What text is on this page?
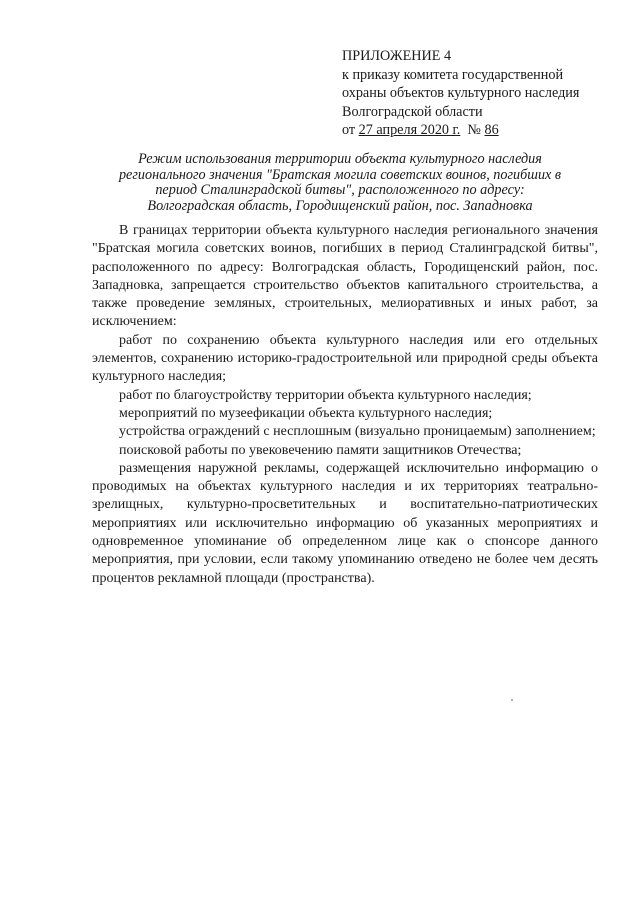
ПРИЛОЖЕНИЕ 4
к приказу комитета государственной
охраны объектов культурного наследия
Волгоградской области
от 27 апреля 2020 г. № 86
Режим использования территории объекта культурного наследия
регионального значения "Братская могила советских воинов, погибших в
период Сталинградской битвы", расположенного по адресу:
Волгоградская область, Городищенский район, пос. Западновка

В границах территории объекта культурного наследия регионального значения "Братская могила советских воинов, погибших в период Сталинградской битвы", расположенного по адресу: Волгоградская область, Городищенский район, пос. Западновка, запрещается строительство объектов капитального строительства, а также проведение земляных, строительных, мелиоративных и иных работ, за исключением:

работ по сохранению объекта культурного наследия или его отдельных элементов, сохранению историко-градостроительной или природной среды объекта культурного наследия;

работ по благоустройству территории объекта культурного наследия;

мероприятий по музеефикации объекта культурного наследия;

устройства ограждений с несплошным (визуально проницаемым) заполнением;

поисковой работы по увековечению памяти защитников Отечества;

размещения наружной рекламы, содержащей исключительно информацию о проводимых на объектах культурного наследия и их территориях театрально-зрелищных, культурно-просветительных и воспитательно-патриотических мероприятиях или исключительно информацию об указанных мероприятиях и одновременное упоминание об определенном лице как о спонсоре данного мероприятия, при условии, если такому упоминанию отведено не более чем десять процентов рекламной площади (пространства).
